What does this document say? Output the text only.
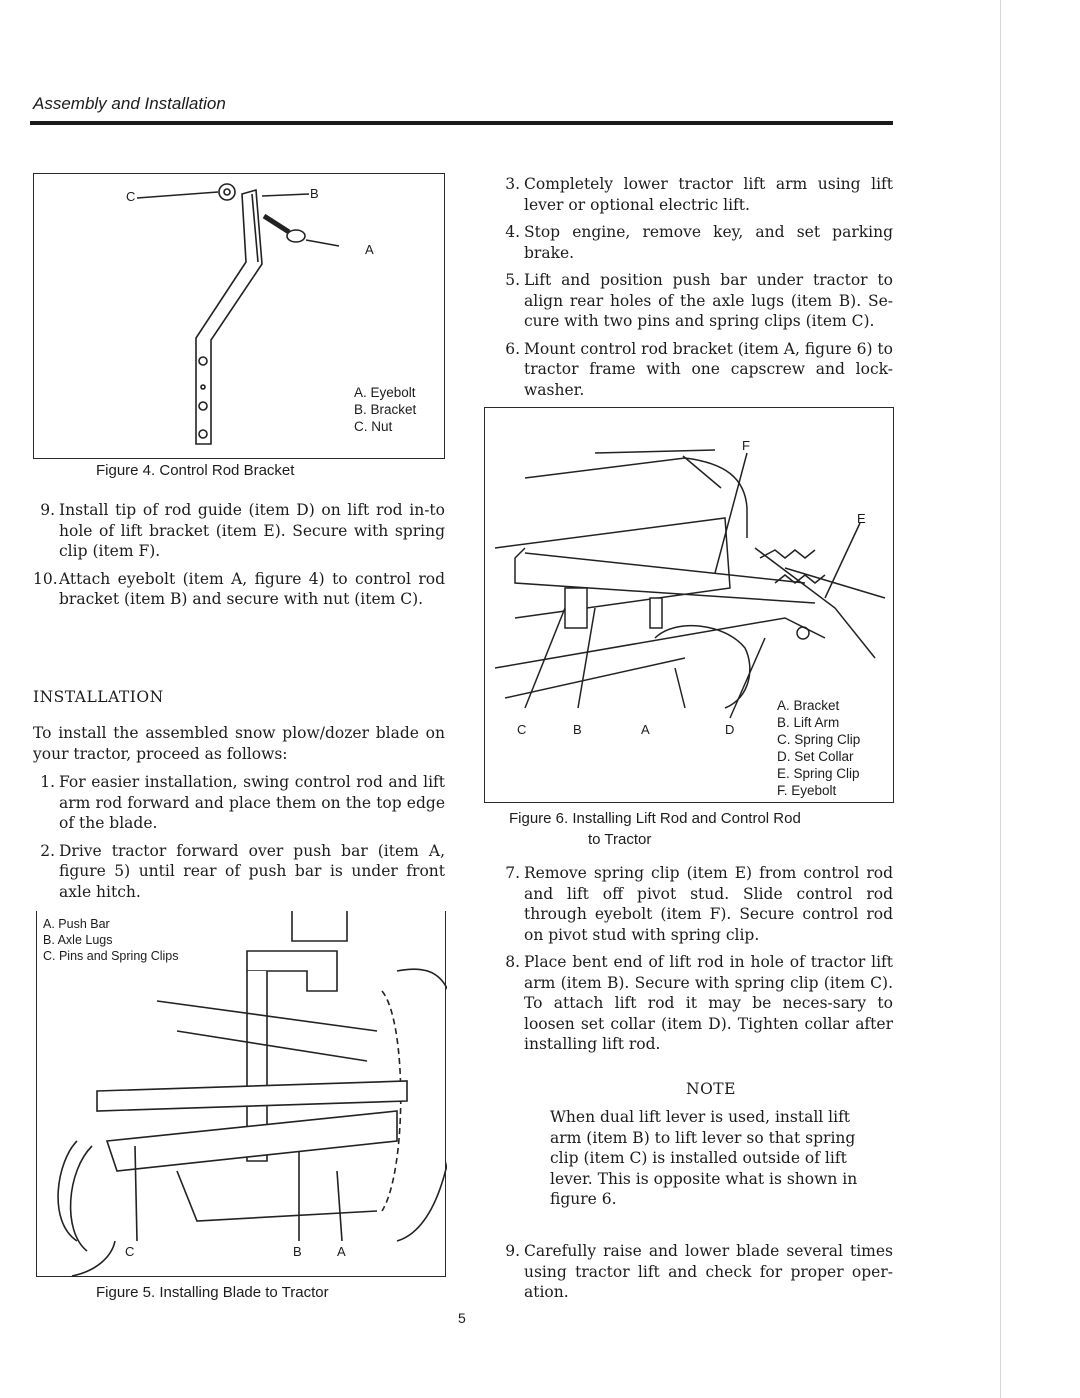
Assembly and Installation
C	B
A
A. Eyebolt
B. Bracket
C. Nut
Figure 4. Control Rod Bracket
9. Install tip of rod guide (item D) on lift rod in-to hole of lift bracket (item E). Secure with spring clip (item F).
10. Attach eyebolt (item A, figure 4) to control rod bracket (item B) and secure with nut (item C).
INSTALLATION
To install the assembled snow plow/dozer blade on your tractor, proceed as follows:
1. For easier installation, swing control rod and lift arm rod forward and place them on the top edge of the blade.
2. Drive tractor forward over push bar (item A, figure 5) until rear of push bar is under front axle hitch.
A. Push Bar
B. Axle Lugs
C. Pins and Spring Clips
C	B	A
Figure 5. Installing Blade to Tractor
3. Completely lower tractor lift arm using lift lever or optional electric lift.
4. Stop engine, remove key, and set parking brake.
5. Lift and position push bar under tractor to align rear holes of the axle lugs (item B). Se-cure with two pins and spring clips (item C).
6. Mount control rod bracket (item A, figure 6) to tractor frame with one capscrew and lock-washer.
F
E
C	B	A	D
A. Bracket
B. Lift Arm
C. Spring Clip
D. Set Collar
E. Spring Clip
F. Eyebolt
Figure 6. Installing Lift Rod and Control Rod
to Tractor
7. Remove spring clip (item E) from control rod and lift off pivot stud. Slide control rod through eyebolt (item F). Secure control rod on pivot stud with spring clip.
8. Place bent end of lift rod in hole of tractor lift arm (item B). Secure with spring clip (item C). To attach lift rod it may be neces-sary to loosen set collar (item D). Tighten collar after installing lift rod.
NOTE
When dual lift lever is used, install lift arm (item B) to lift lever so that spring clip (item C) is installed outside of lift lever. This is opposite what is shown in figure 6.
9. Carefully raise and lower blade several times using tractor lift and check for proper oper-ation.
5
